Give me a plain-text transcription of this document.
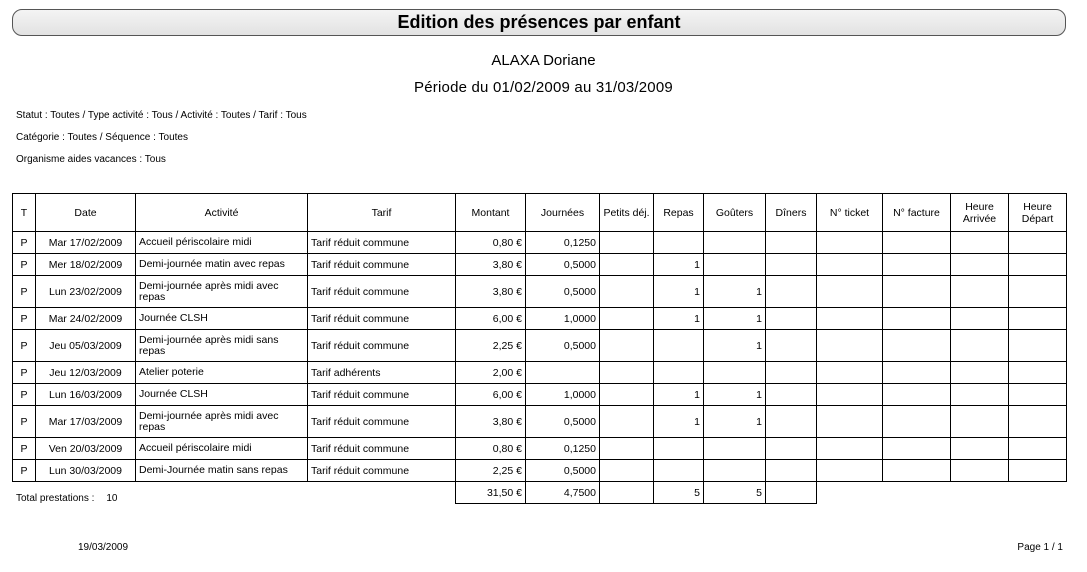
Edition des présences par enfant
ALAXA Doriane
Période du 01/02/2009 au 31/03/2009
Statut : Toutes / Type activité : Tous / Activité : Toutes / Tarif : Tous
Catégorie : Toutes / Séquence : Toutes
Organisme aides vacances : Tous
T	Date	Activité	Tarif	Montant	Journées	Petits déj.	Repas	Goûters	Dîners	N° ticket	N° facture	Heure Arrivée	Heure Départ
P	Mar 17/02/2009	Accueil périscolaire midi	Tarif réduit commune	0,80 €	0,1250								
P	Mer 18/02/2009	Demi-journée matin avec repas	Tarif réduit commune	3,80 €	0,5000		1						
P	Lun 23/02/2009	Demi-journée après midi avec repas	Tarif réduit commune	3,80 €	0,5000		1	1					
P	Mar 24/02/2009	Journée CLSH	Tarif réduit commune	6,00 €	1,0000		1	1					
P	Jeu 05/03/2009	Demi-journée après midi sans repas	Tarif réduit commune	2,25 €	0,5000			1					
P	Jeu 12/03/2009	Atelier poterie	Tarif adhérents	2,00 €									
P	Lun 16/03/2009	Journée CLSH	Tarif réduit commune	6,00 €	1,0000		1	1					
P	Mar 17/03/2009	Demi-journée après midi avec repas	Tarif réduit commune	3,80 €	0,5000		1	1					
P	Ven 20/03/2009	Accueil périscolaire midi	Tarif réduit commune	0,80 €	0,1250								
P	Lun 30/03/2009	Demi-Journée matin sans repas	Tarif réduit commune	2,25 €	0,5000								
				31,50 €	4,7500		5	5					
Total prestations : 10
19/03/2009	Page 1 / 1
